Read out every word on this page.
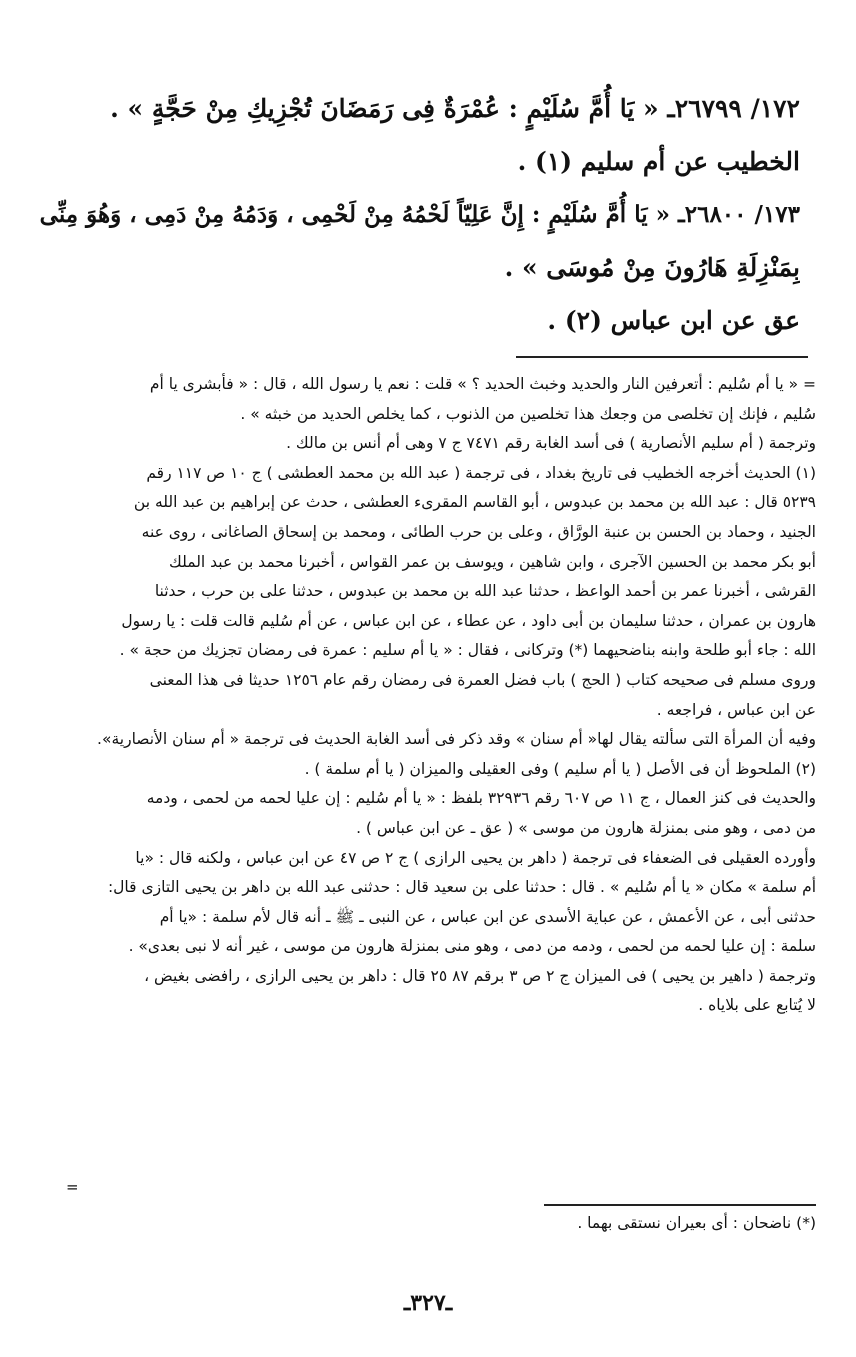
١٧٢/ ٢٦٧٩٩ـ « يَا أُمَّ سُلَيْمٍ : عُمْرَةٌ فِى رَمَضَانَ تُجْزِيكِ مِنْ حَجَّةٍ » .
الخطيب عن أم سليم (١) .
١٧٣/ ٢٦٨٠٠ـ « يَا أُمَّ سُلَيْمٍ : إِنَّ عَلِيّاً لَحْمُهُ مِنْ لَحْمِى ، وَدَمُهُ مِنْ دَمِى ، وَهُوَ مِنِّى
بِمَنْزِلَةِ هَارُونَ مِنْ مُوسَى » .
عق عن ابن عباس (٢) .
= « يا أم سُليم : أتعرفين النار والحديد وخبث الحديد ؟ » قلت : نعم يا رسول الله ، قال : « فأبشرى يا أم
سُليم ، فإنك إن تخلصى من وجعك هذا تخلصين من الذنوب ، كما يخلص الحديد من خبثه » .
وترجمة ( أم سليم الأنصارية ) فى أسد الغابة رقم ٧٤٧١ ج ٧ وهى أم أنس بن مالك .
(١) الحديث أخرجه الخطيب فى تاريخ بغداد ، فى ترجمة ( عبد الله بن محمد العطشى ) ج ١٠ ص ١١٧ رقم
٥٢٣٩ قال : عبد الله بن محمد بن عبدوس ، أبو القاسم المقرىء العطشى ، حدث عن إبراهيم بن عبد الله بن
الجنيد ، وحماد بن الحسن بن عنبة الورَّاق ، وعلى بن حرب الطائى ، ومحمد بن إسحاق الصاغانى ، روى عنه
أبو بكر محمد بن الحسين الآجرى ، وابن شاهين ، ويوسف بن عمر القواس ، أخبرنا محمد بن عبد الملك
القرشى ، أخبرنا عمر بن أحمد الواعظ ، حدثنا عبد الله بن محمد بن عبدوس ، حدثنا على بن حرب ، حدثنا
هارون بن عمران ، حدثنا سليمان بن أبى داود ، عن عطاء ، عن ابن عباس ، عن أم سُليم قالت قلت : يا رسول
الله : جاء أبو طلحة وابنه بناضحيهما (*) وتركانى ، فقال : « يا أم سليم : عمرة فى رمضان تجزيك من حجة » .
وروى مسلم فى صحيحه كتاب ( الحج ) باب فضل العمرة فى رمضان رقم عام ١٢٥٦ حديثا فى هذا المعنى
عن ابن عباس ، فراجعه .
وفيه أن المرأة التى سألته يقال لها« أم سنان » وقد ذكر فى أسد الغابة الحديث فى ترجمة « أم سنان الأنصارية».
(٢) الملحوظ أن فى الأصل ( يا أم سليم ) وفى العقيلى والميزان ( يا أم سلمة ) .
والحديث فى كنز العمال ، ج ١١ ص ٦٠٧ رقم ٣٢٩٣٦ بلفظ : « يا أم سُليم : إن عليا لحمه من لحمى ، ودمه
من دمى ، وهو منى بمنزلة هارون من موسى » ( عق ـ عن ابن عباس ) .
وأورده العقيلى فى الضعفاء فى ترجمة ( داهر بن يحيى الرازى ) ج ٢ ص ٤٧ عن ابن عباس ، ولكنه قال : «يا
أم سلمة » مكان « يا أم سُليم » . قال : حدثنا على بن سعيد قال : حدثنى عبد الله بن داهر بن يحيى التازى قال:
حدثنى أبى ، عن الأعمش ، عن عباية الأسدى عن ابن عباس ، عن النبى ـ ﷺ ـ أنه قال لأم سلمة : «يا أم
سلمة : إن عليا لحمه من لحمى ، ودمه من دمى ، وهو منى بمنزلة هارون من موسى ، غير أنه لا نبى بعدى» .
وترجمة ( داهير بن يحيى ) فى الميزان ج ٢ ص ٣ برقم ٨٧ ٢٥ قال : داهر بن يحيى الرازى ، رافضى بغيض ،
لا يُتابع على بلاياه .
=
(*) ناضحان : أى بعيران نستقى بهما .
ـ٣٢٧ـ
